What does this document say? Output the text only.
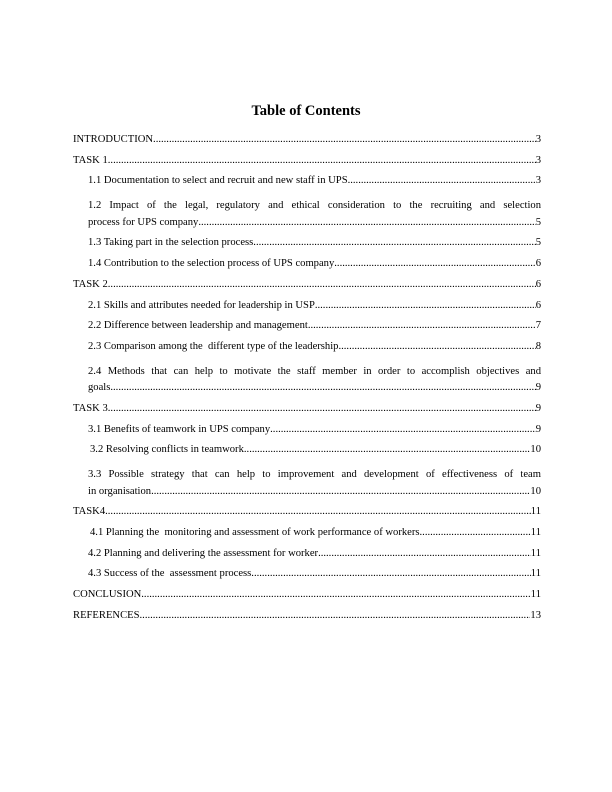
Table of Contents
INTRODUCTION .....	3
TASK 1 .....	3
1.1 Documentation to select and recruit and new staff in UPS .....	3
1.2 Impact of the legal, regulatory and ethical consideration to the recruiting and selection
process for UPS company .....	5
1.3 Taking part in the selection process .....	5
1.4 Contribution to the selection process of UPS company .....	6
TASK 2 .....	6
2.1 Skills and attributes needed for leadership in USP .....	6
2.2 Difference between leadership and management .....	7
2.3 Comparison among the  different type of the leadership .....	8
2.4 Methods that can help to motivate the staff member in order to accomplish objectives and
goals .....	9
TASK 3 .....	9
3.1 Benefits of teamwork in UPS company .....	9
3.2 Resolving conflicts in teamwork .....	10
3.3 Possible strategy that can help to improvement and development of effectiveness of team
in organisation .....	10
TASK4 .....	11
4.1 Planning the  monitoring and assessment of work performance of workers .....	11
4.2 Planning and delivering the assessment for worker .....	11
4.3 Success of the  assessment process .....	11
CONCLUSION .....	11
REFERENCES .....	13
